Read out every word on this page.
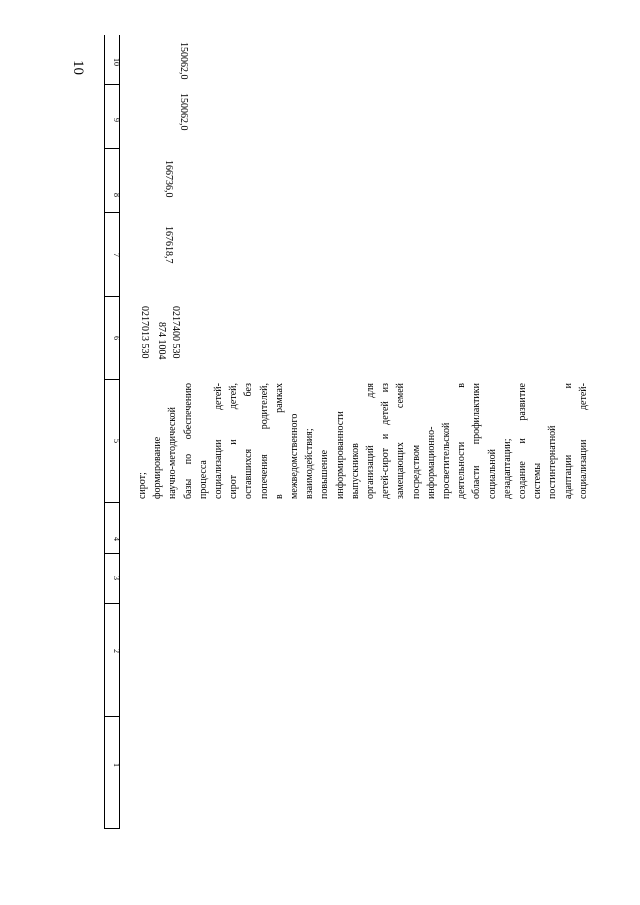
10	10
9
8
7
6
5
4
3
2
1
0217013 530 874 1004 0217400 530
167618,7
166736,0
150062,0
150062,0
сирот; формирование научно-методической базы по обеспечению процесса социализации детей- сирот и детей, оставшихся без попечения родителей, в рамках межведомственного взаимодействия; повышение информированности выпускников организаций для детей-сирот и детей из замещающих семей посредством информационно- просветительской деятельности в области профилактики социальной дезадаптации; создание и развитие системы постинтернатной адаптации и социализации детей-
